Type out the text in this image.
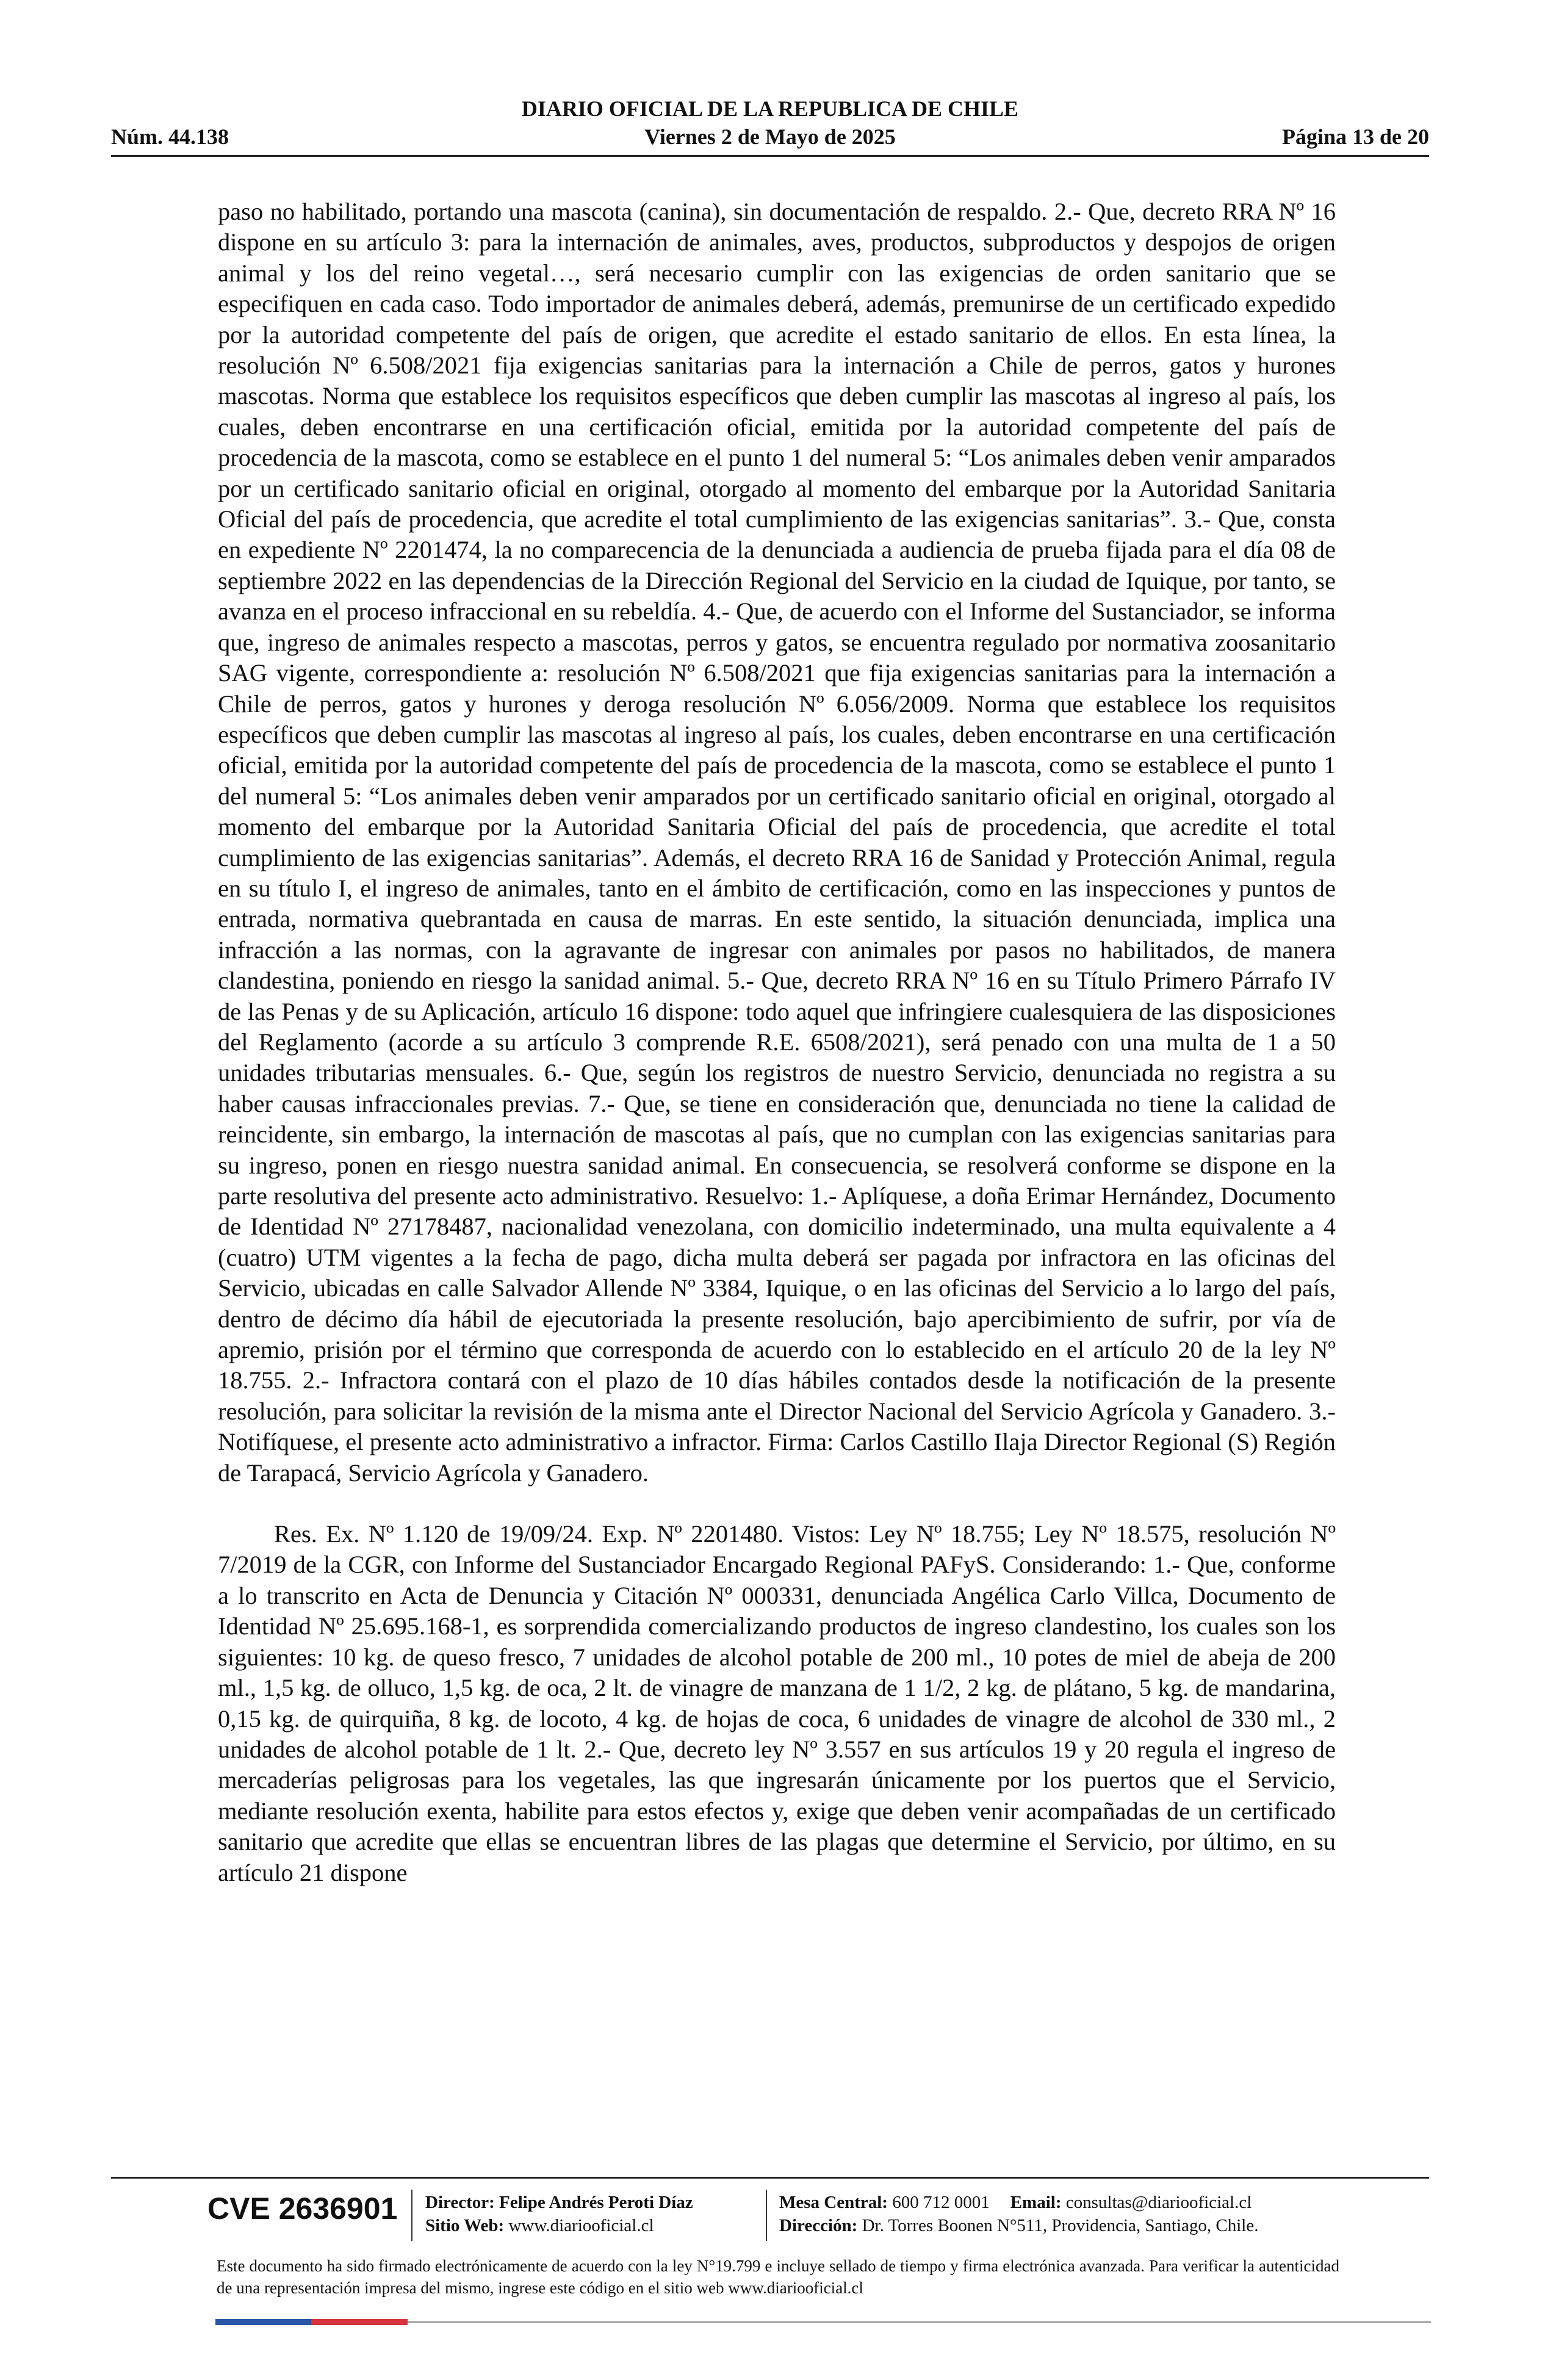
DIARIO OFICIAL DE LA REPUBLICA DE CHILE
Núm. 44.138	Viernes 2 de Mayo de 2025	Página 13 de 20

paso no habilitado, portando una mascota (canina), sin documentación de respaldo. 2.- Que, decreto RRA Nº 16 dispone en su artículo 3: para la internación de animales, aves, productos, subproductos y despojos de origen animal y los del reino vegetal…, será necesario cumplir con las exigencias de orden sanitario que se especifiquen en cada caso. Todo importador de animales deberá, además, premunirse de un certificado expedido por la autoridad competente del país de origen, que acredite el estado sanitario de ellos. En esta línea, la resolución Nº 6.508/2021 fija exigencias sanitarias para la internación a Chile de perros, gatos y hurones mascotas. Norma que establece los requisitos específicos que deben cumplir las mascotas al ingreso al país, los cuales, deben encontrarse en una certificación oficial, emitida por la autoridad competente del país de procedencia de la mascota, como se establece en el punto 1 del numeral 5: “Los animales deben venir amparados por un certificado sanitario oficial en original, otorgado al momento del embarque por la Autoridad Sanitaria Oficial del país de procedencia, que acredite el total cumplimiento de las exigencias sanitarias”. 3.- Que, consta en expediente Nº 2201474, la no comparecencia de la denunciada a audiencia de prueba fijada para el día 08 de septiembre 2022 en las dependencias de la Dirección Regional del Servicio en la ciudad de Iquique, por tanto, se avanza en el proceso infraccional en su rebeldía. 4.- Que, de acuerdo con el Informe del Sustanciador, se informa que, ingreso de animales respecto a mascotas, perros y gatos, se encuentra regulado por normativa zoosanitario SAG vigente, correspondiente a: resolución Nº 6.508/2021 que fija exigencias sanitarias para la internación a Chile de perros, gatos y hurones y deroga resolución Nº 6.056/2009. Norma que establece los requisitos específicos que deben cumplir las mascotas al ingreso al país, los cuales, deben encontrarse en una certificación oficial, emitida por la autoridad competente del país de procedencia de la mascota, como se establece el punto 1 del numeral 5: “Los animales deben venir amparados por un certificado sanitario oficial en original, otorgado al momento del embarque por la Autoridad Sanitaria Oficial del país de procedencia, que acredite el total cumplimiento de las exigencias sanitarias”. Además, el decreto RRA 16 de Sanidad y Protección Animal, regula en su título I, el ingreso de animales, tanto en el ámbito de certificación, como en las inspecciones y puntos de entrada, normativa quebrantada en causa de marras. En este sentido, la situación denunciada, implica una infracción a las normas, con la agravante de ingresar con animales por pasos no habilitados, de manera clandestina, poniendo en riesgo la sanidad animal. 5.- Que, decreto RRA Nº 16 en su Título Primero Párrafo IV de las Penas y de su Aplicación, artículo 16 dispone: todo aquel que infringiere cualesquiera de las disposiciones del Reglamento (acorde a su artículo 3 comprende R.E. 6508/2021), será penado con una multa de 1 a 50 unidades tributarias mensuales. 6.- Que, según los registros de nuestro Servicio, denunciada no registra a su haber causas infraccionales previas. 7.- Que, se tiene en consideración que, denunciada no tiene la calidad de reincidente, sin embargo, la internación de mascotas al país, que no cumplan con las exigencias sanitarias para su ingreso, ponen en riesgo nuestra sanidad animal. En consecuencia, se resolverá conforme se dispone en la parte resolutiva del presente acto administrativo. Resuelvo: 1.- Aplíquese, a doña Erimar Hernández, Documento de Identidad Nº 27178487, nacionalidad venezolana, con domicilio indeterminado, una multa equivalente a 4 (cuatro) UTM vigentes a la fecha de pago, dicha multa deberá ser pagada por infractora en las oficinas del Servicio, ubicadas en calle Salvador Allende Nº 3384, Iquique, o en las oficinas del Servicio a lo largo del país, dentro de décimo día hábil de ejecutoriada la presente resolución, bajo apercibimiento de sufrir, por vía de apremio, prisión por el término que corresponda de acuerdo con lo establecido en el artículo 20 de la ley Nº 18.755. 2.- Infractora contará con el plazo de 10 días hábiles contados desde la notificación de la presente resolución, para solicitar la revisión de la misma ante el Director Nacional del Servicio Agrícola y Ganadero. 3.- Notifíquese, el presente acto administrativo a infractor. Firma: Carlos Castillo Ilaja Director Regional (S) Región de Tarapacá, Servicio Agrícola y Ganadero.

Res. Ex. Nº 1.120 de 19/09/24. Exp. Nº 2201480. Vistos: Ley Nº 18.755; Ley Nº 18.575, resolución Nº 7/2019 de la CGR, con Informe del Sustanciador Encargado Regional PAFyS. Considerando: 1.- Que, conforme a lo transcrito en Acta de Denuncia y Citación Nº 000331, denunciada Angélica Carlo Villca, Documento de Identidad Nº 25.695.168-1, es sorprendida comercializando productos de ingreso clandestino, los cuales son los siguientes: 10 kg. de queso fresco, 7 unidades de alcohol potable de 200 ml., 10 potes de miel de abeja de 200 ml., 1,5 kg. de olluco, 1,5 kg. de oca, 2 lt. de vinagre de manzana de 1 1/2, 2 kg. de plátano, 5 kg. de mandarina, 0,15 kg. de quirquiña, 8 kg. de locoto, 4 kg. de hojas de coca, 6 unidades de vinagre de alcohol de 330 ml., 2 unidades de alcohol potable de 1 lt. 2.- Que, decreto ley Nº 3.557 en sus artículos 19 y 20 regula el ingreso de mercaderías peligrosas para los vegetales, las que ingresarán únicamente por los puertos que el Servicio, mediante resolución exenta, habilite para estos efectos y, exige que deben venir acompañadas de un certificado sanitario que acredite que ellas se encuentran libres de las plagas que determine el Servicio, por último, en su artículo 21 dispone

CVE 2636901 Director: Felipe Andrés Peroti Díaz
Sitio Web: www.diariooficial.cl
Mesa Central: 600 712 0001 Email: consultas@diariooficial.cl
Dirección: Dr. Torres Boonen N°511, Providencia, Santiago, Chile.
Este documento ha sido firmado electrónicamente de acuerdo con la ley N°19.799 e incluye sellado de tiempo y firma electrónica avanzada. Para verificar la autenticidad de una representación impresa del mismo, ingrese este código en el sitio web www.diariooficial.cl
